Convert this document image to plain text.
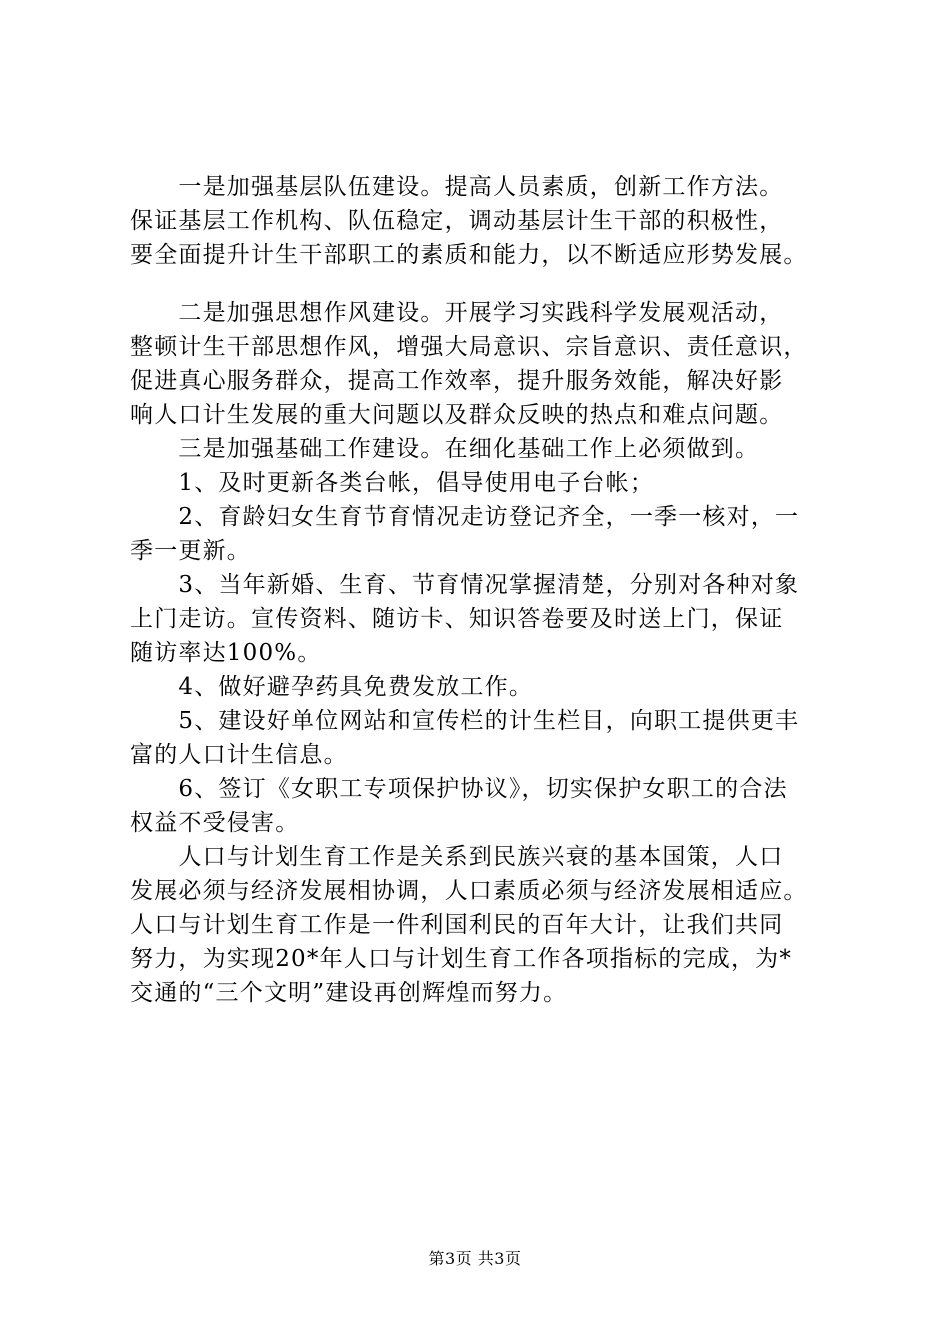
　　一是加强基层队伍建设。提高人员素质，创新工作方法。
保证基层工作机构、队伍稳定，调动基层计生干部的积极性，
要全面提升计生干部职工的素质和能力，以不断适应形势发展。
　　二是加强思想作风建设。开展学习实践科学发展观活动，
整顿计生干部思想作风，增强大局意识、宗旨意识、责任意识，
促进真心服务群众，提高工作效率，提升服务效能，解决好影
响人口计生发展的重大问题以及群众反映的热点和难点问题。
　　三是加强基础工作建设。在细化基础工作上必须做到。
　　1、及时更新各类台帐，倡导使用电子台帐；
　　2、育龄妇女生育节育情况走访登记齐全，一季一核对，一
季一更新。
　　3、当年新婚、生育、节育情况掌握清楚，分别对各种对象
上门走访。宣传资料、随访卡、知识答卷要及时送上门，保证
随访率达100%。
　　4、做好避孕药具免费发放工作。
　　5、建设好单位网站和宣传栏的计生栏目，向职工提供更丰
富的人口计生信息。
　　6、签订《女职工专项保护协议》，切实保护女职工的合法
权益不受侵害。
　　人口与计划生育工作是关系到民族兴衰的基本国策，人口
发展必须与经济发展相协调，人口素质必须与经济发展相适应。
人口与计划生育工作是一件利国利民的百年大计，让我们共同
努力，为实现20*年人口与计划生育工作各项指标的完成，为*
交通的“三个文明”建设再创辉煌而努力。
第3页 共3页
